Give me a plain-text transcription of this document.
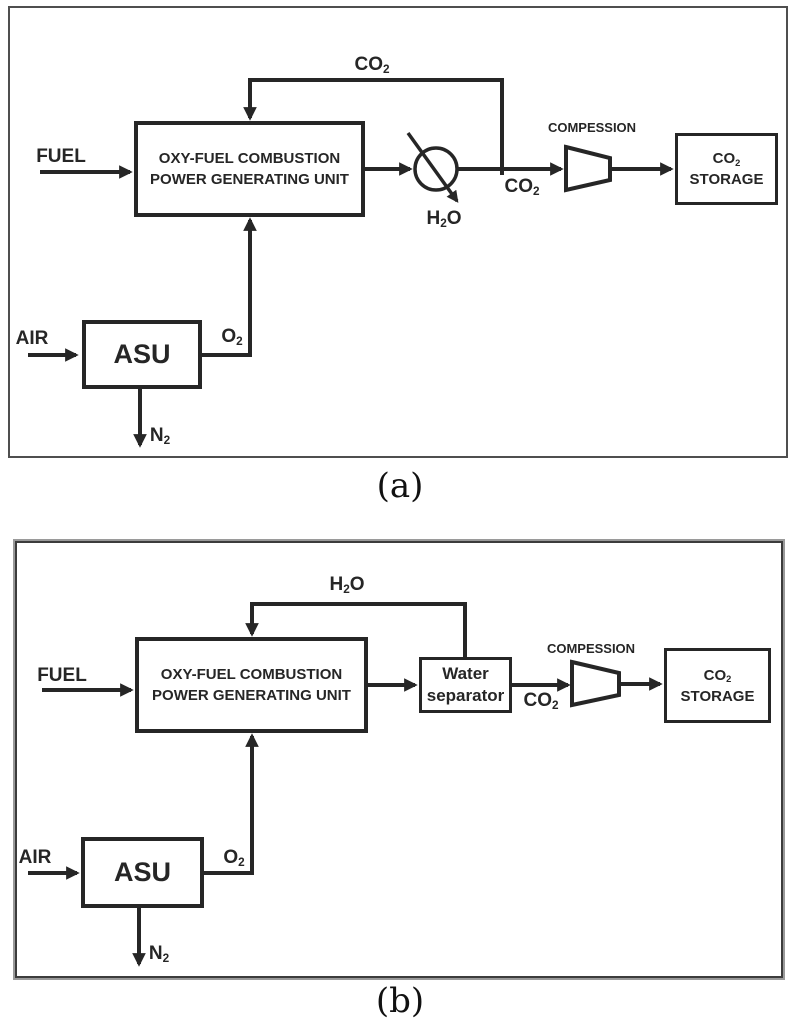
OXY-FUEL COMBUSTION
POWER GENERATING UNIT
$CO_2$
STORAGE
ASU
$CO_2$
FUEL
$H_2O$
$CO_2$
COMPESSION
AIR	$O_2$
$N_2$
(a)
OXY-FUEL COMBUSTION
POWER GENERATING UNIT
Water
separator
$CO_2$
STORAGE
ASU
$H_2O$
FUEL
$CO_2$
COMPESSION
AIR	$O_2$
$N_2$
(b)
